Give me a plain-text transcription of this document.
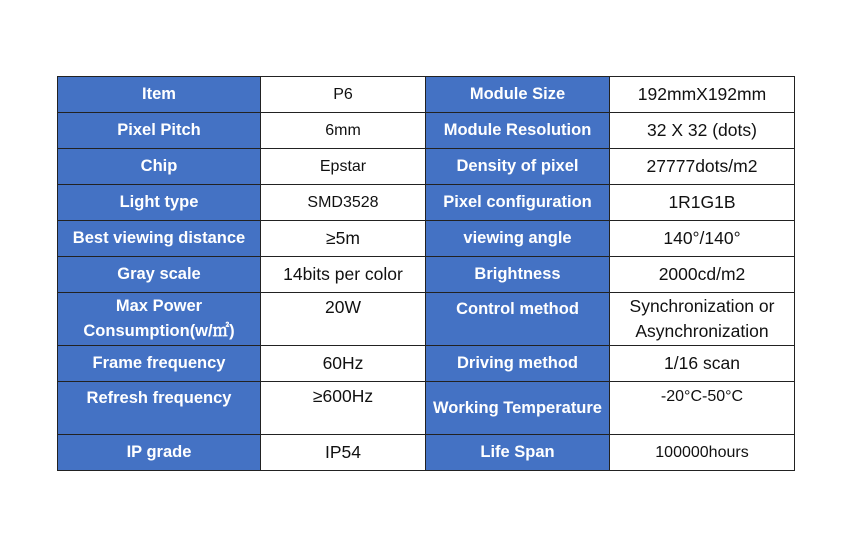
Item	P6	Module Size	192mmX192mm
Pixel Pitch	6mm	Module Resolution	32 X 32 (dots)
Chip	Epstar	Density of pixel	27777dots/m2
Light type	SMD3528	Pixel configuration	1R1G1B
Best viewing distance	≥5m	viewing angle	140°/140°
Gray scale	14bits per color	Brightness	2000cd/m2
Max Power Consumption(w/㎡)	20W	Control method	Synchronization or Asynchronization
Frame frequency	60Hz	Driving method	1/16 scan
Refresh frequency	≥600Hz	Working Temperature	-20°C-50°C
IP grade	IP54	Life Span	100000hours
